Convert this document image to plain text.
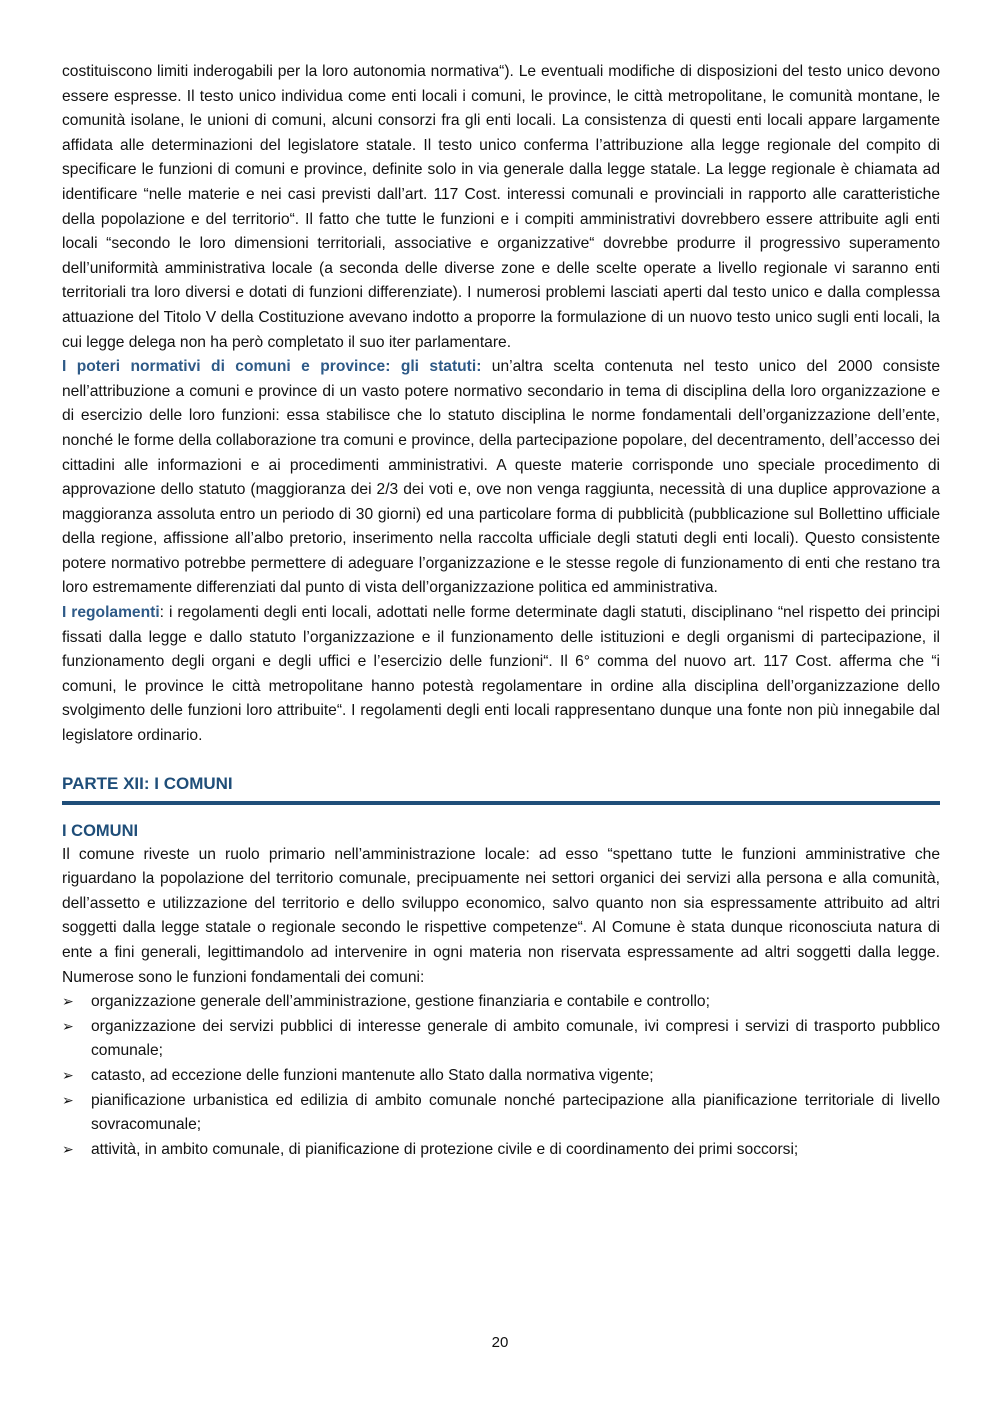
costituiscono limiti inderogabili per la loro autonomia normativa“). Le eventuali modifiche di disposizioni del testo unico devono essere espresse. Il testo unico individua come enti locali i comuni, le province, le città metropolitane, le comunità montane, le comunità isolane, le unioni di comuni, alcuni consorzi fra gli enti locali. La consistenza di questi enti locali appare largamente affidata alle determinazioni del legislatore statale. Il testo unico conferma l’attribuzione alla legge regionale del compito di specificare le funzioni di comuni e province, definite solo in via generale dalla legge statale. La legge regionale è chiamata ad identificare “nelle materie e nei casi previsti dall’art. 117 Cost. interessi comunali e provinciali in rapporto alle caratteristiche della popolazione e del territorio“. Il fatto che tutte le funzioni e i compiti amministrativi dovrebbero essere attribuite agli enti locali “secondo le loro dimensioni territoriali, associative e organizzative“ dovrebbe produrre il progressivo superamento dell’uniformità amministrativa locale (a seconda delle diverse zone e delle scelte operate a livello regionale vi saranno enti territoriali tra loro diversi e dotati di funzioni differenziate). I numerosi problemi lasciati aperti dal testo unico e dalla complessa attuazione del Titolo V della Costituzione avevano indotto a proporre la formulazione di un nuovo testo unico sugli enti locali, la cui legge delega non ha però completato il suo iter parlamentare.

I poteri normativi di comuni e province: gli statuti: un’altra scelta contenuta nel testo unico del 2000 consiste nell’attribuzione a comuni e province di un vasto potere normativo secondario in tema di disciplina della loro organizzazione e di esercizio delle loro funzioni: essa stabilisce che lo statuto disciplina le norme fondamentali dell’organizzazione dell’ente, nonché le forme della collaborazione tra comuni e province, della partecipazione popolare, del decentramento, dell’accesso dei cittadini alle informazioni e ai procedimenti amministrativi. A queste materie corrisponde uno speciale procedimento di approvazione dello statuto (maggioranza dei 2/3 dei voti e, ove non venga raggiunta, necessità di una duplice approvazione a maggioranza assoluta entro un periodo di 30 giorni) ed una particolare forma di pubblicità (pubblicazione sul Bollettino ufficiale della regione, affissione all’albo pretorio, inserimento nella raccolta ufficiale degli statuti degli enti locali). Questo consistente potere normativo potrebbe permettere di adeguare l’organizzazione e le stesse regole di funzionamento di enti che restano tra loro estremamente differenziati dal punto di vista dell’organizzazione politica ed amministrativa.

I regolamenti: i regolamenti degli enti locali, adottati nelle forme determinate dagli statuti, disciplinano “nel rispetto dei principi fissati dalla legge e dallo statuto l’organizzazione e il funzionamento delle istituzioni e degli organismi di partecipazione, il funzionamento degli organi e degli uffici e l’esercizio delle funzioni“. Il 6° comma del nuovo art. 117 Cost. afferma che “i comuni, le province le città metropolitane hanno potestà regolamentare in ordine alla disciplina dell’organizzazione dello svolgimento delle funzioni loro attribuite“. I regolamenti degli enti locali rappresentano dunque una fonte non più innegabile dal legislatore ordinario.

PARTE XII: I COMUNI
I COMUNI

Il comune riveste un ruolo primario nell’amministrazione locale: ad esso “spettano tutte le funzioni amministrative che riguardano la popolazione del territorio comunale, precipuamente nei settori organici dei servizi alla persona e alla comunità, dell’assetto e utilizzazione del territorio e dello sviluppo economico, salvo quanto non sia espressamente attribuito ad altri soggetti dalla legge statale o regionale secondo le rispettive competenze“. Al Comune è stata dunque riconosciuta natura di ente a fini generali, legittimandolo ad intervenire in ogni materia non riservata espressamente ad altri soggetti dalla legge. Numerose sono le funzioni fondamentali dei comuni:

➢	organizzazione generale dell’amministrazione, gestione finanziaria e contabile e controllo;
➢	organizzazione dei servizi pubblici di interesse generale di ambito comunale, ivi compresi i servizi di trasporto pubblico comunale;
➢	catasto, ad eccezione delle funzioni mantenute allo Stato dalla normativa vigente;
➢	pianificazione urbanistica ed edilizia di ambito comunale nonché partecipazione alla pianificazione territoriale di livello sovracomunale;
➢	attività, in ambito comunale, di pianificazione di protezione civile e di coordinamento dei primi soccorsi;
20
